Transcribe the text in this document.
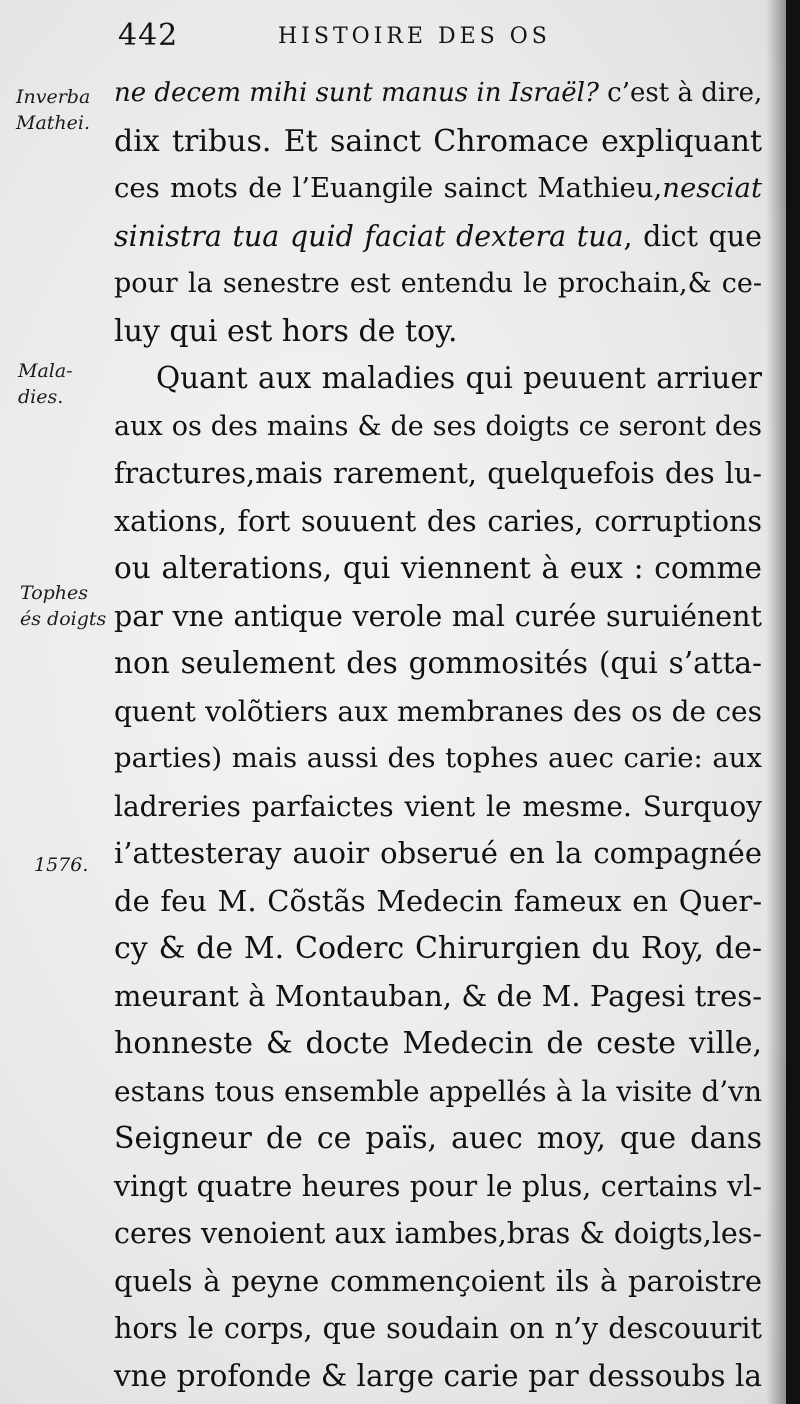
442	HISTOIRE DES OS
Inverba
Mathei.
Mala-
dies.
Tophes
és doigts
1576.
ne decem mihi sunt manus in Israël? c’est à dire,
dix tribus. Et sainct Chromace expliquant
ces mots de l’Euangile sainct Mathieu,nesciat
sinistra tua quid faciat dextera tua, dict que
pour la senestre est entendu le prochain,& ce-
luy qui est hors de toy.
Quant aux maladies qui peuuent arriuer
aux os des mains & de ses doigts ce seront des
fractures,mais rarement, quelquefois des lu-
xations, fort souuent des caries, corruptions
ou alterations, qui viennent à eux : comme
par vne antique verole mal curée suruiénent
non seulement des gommosités (qui s’atta-
quent volõtiers aux membranes des os de ces
parties) mais aussi des tophes auec carie: aux
ladreries parfaictes vient le mesme. Surquoy
i’attesteray auoir obserué en la compagnée
de feu M. Cõstãs Medecin fameux en Quer-
cy & de M. Coderc Chirurgien du Roy, de-
meurant à Montauban, & de M. Pagesi tres-
honneste & docte Medecin de ceste ville,
estans tous ensemble appellés à la visite d’vn
Seigneur de ce païs, auec moy, que dans
vingt quatre heures pour le plus, certains vl-
ceres venoient aux iambes,bras & doigts,les-
quels à peyne commençoient ils à paroistre
hors le corps, que soudain on n’y descouurit
vne profonde & large carie par dessoubs la
